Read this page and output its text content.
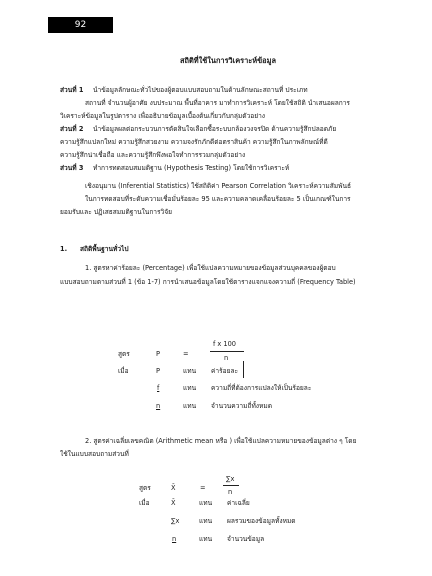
92
สถิติที่ใช้ในการวิเคราะห์ข้อมูล
ส่วนที่ 1 นำข้อมูลลักษณะทั่วไปของผู้ตอบแบบสอบถามในด้านลักษณะสถานที่ ประเภท
สถานที่ จำนวนผู้อาศัย งบประมาณ พื้นที่อาคาร มาทำการวิเคราะห์ โดยใช้สถิติ นำเสนอผลการ
วิเคราะห์ข้อมูลในรูปตาราง เพื่ออธิบายข้อมูลเบื้องต้นเกี่ยวกับกลุ่มตัวอย่าง
ส่วนที่ 2 นำข้อมูลผลต่อกระบวนการตัดสินใจเลือกซื้อระบบกล้องวงจรปิด ด้านความรู้สึกปลอดภัย
ความรู้สึกแปลกใหม่ ความรู้สึกสวยงาม ความจงรักภักดีต่อตราสินค้า ความรู้สึกในภาพลักษณ์ที่ดี
ความรู้สึกน่าเชื่อถือ และความรู้สึกพึงพอใจทำการรวมกลุ่มตัวอย่าง
ส่วนที่ 3 ทำการทดสอบสมมติฐาน (Hypothesis Testing) โดยใช้การวิเคราะห์
เชิงอนุมาน (Inferential Statistics) ใช้สถิติค่า Pearson Correlation วิเคราะห์ความสัมพันธ์
ในการทดสอบที่ระดับความเชื่อมั่นร้อยละ 95 และความคลาดเคลื่อนร้อยละ 5 เป็นเกณฑ์ในการ
ยอมรับและ ปฏิเสธสมมติฐานในการวิจัย
1. สถิติพื้นฐานทั่วไป
1. สูตรหาค่าร้อยละ (Percentage) เพื่อใช้แปลความหมายของข้อมูลส่วนบุคคลของผู้ตอบ
แบบสอบถามตามส่วนที่ 1 (ข้อ 1-7) การนำเสนอข้อมูลโดยใช้ตารางแจกแจงความถี่ (Frequency Table)
สูตร	P	=
f x 100
n
เมื่อ	P	แทน ค่าร้อยละ
f	แทน ความถี่ที่ต้องการแปลงให้เป็นร้อยละ
n	แทน จำนวนความถี่ทั้งหมด
2. สูตรค่าเฉลี่ยเลขคณิต (Arithmetic mean หรือ ) เพื่อใช้แปลความหมายของข้อมูลต่าง ๆ โดย
ใช้ในแบบสอบถามส่วนที่
สูตร	X̄	=
∑x
n
เมื่อ	X̄	แทน ค่าเฉลี่ย
∑x	แทน ผลรวมของข้อมูลทั้งหมด
n	แทน จำนวนข้อมูล
